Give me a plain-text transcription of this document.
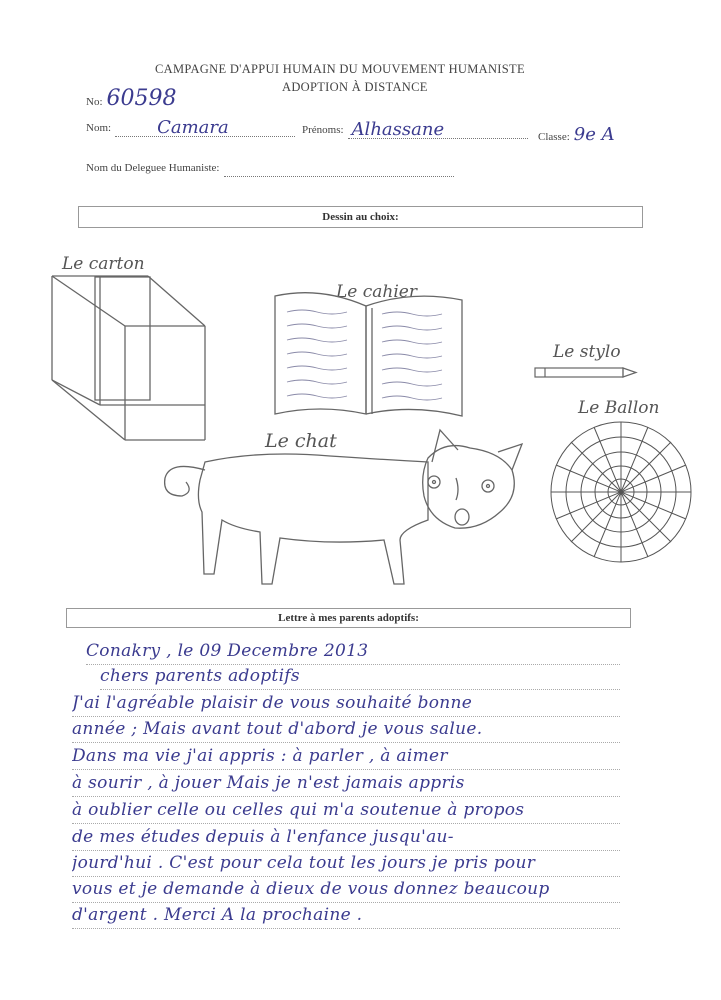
CAMPAGNE D'APPUI HUMAIN DU MOUVEMENT HUMANISTE
ADOPTION À DISTANCE
No: 60598
Nom:	Camara
	Prénoms: Alhassane
	Classe: 9e A
Nom du Deleguee Humaniste:
Dessin au choix:
Le carton
Le cahier
Le stylo
Le Ballon
Le chat
Lettre à mes parents adoptifs:
Conakry , le 09 Decembre 2013
chers parents adoptifs
J'ai l'agréable plaisir de vous souhaité bonne
année ; Mais avant tout d'abord je vous salue.
Dans ma vie j'ai appris : à parler , à aimer
à sourir , à jouer Mais je n'est jamais appris
à oublier celle ou celles qui m'a soutenue à propos
de mes études depuis à l'enfance jusqu'au-
jourd'hui . C'est pour cela tout les jours je pris pour
vous et je demande à dieux de vous donnez beaucoup
d'argent . Merci A la prochaine .
